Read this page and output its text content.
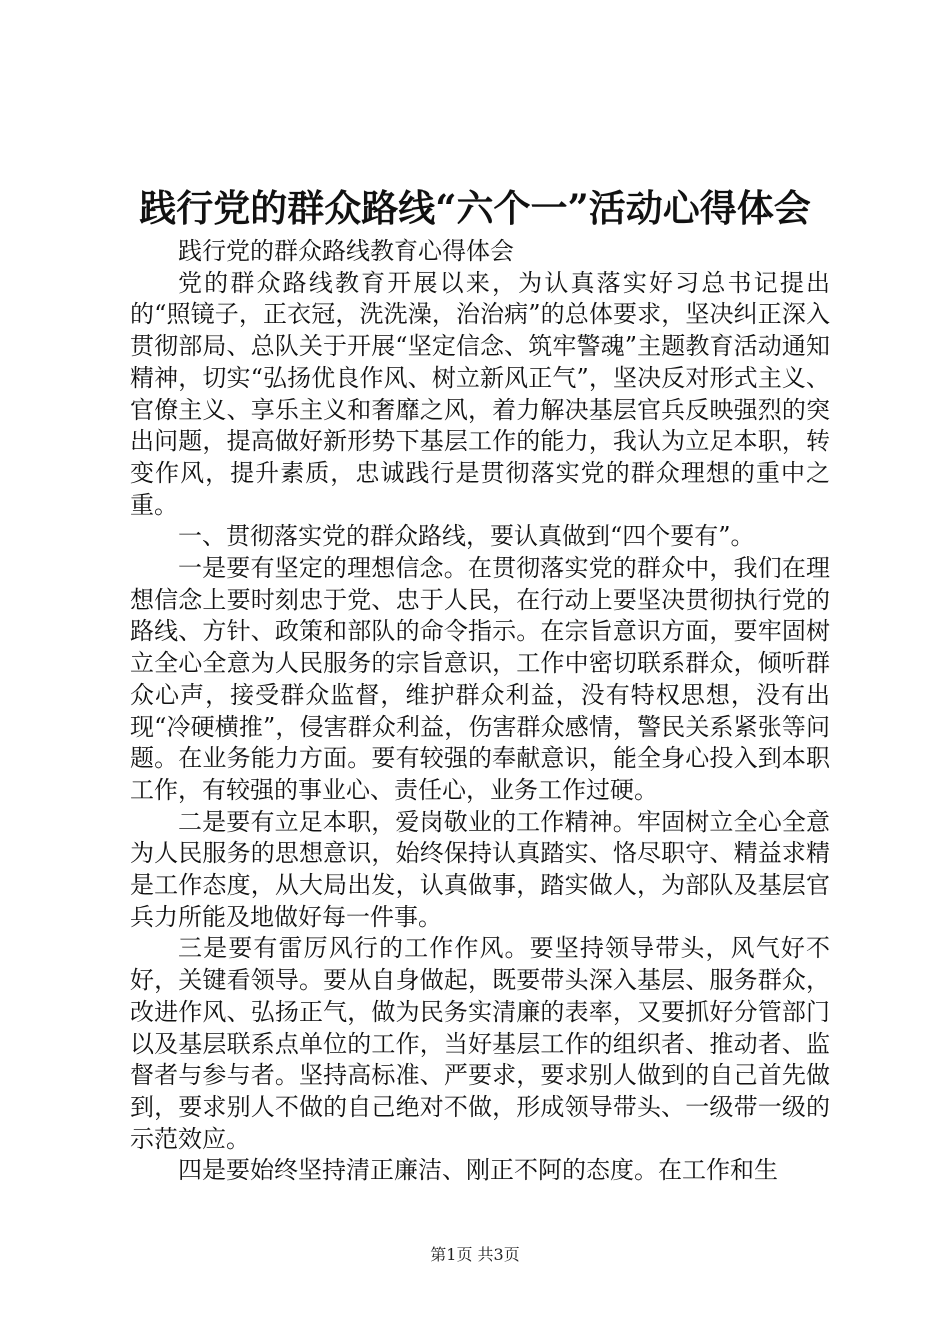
践行党的群众路线“六个一”活动心得体会

践行党的群众路线教育心得体会

党的群众路线教育开展以来，为认真落实好习总书记提出的“照镜子，正衣冠，洗洗澡，治治病”的总体要求，坚决纠正深入贯彻部局、总队关于开展“坚定信念、筑牢警魂”主题教育活动通知精神，切实“弘扬优良作风、树立新风正气”，坚决反对形式主义、官僚主义、享乐主义和奢靡之风，着力解决基层官兵反映强烈的突出问题，提高做好新形势下基层工作的能力，我认为立足本职，转变作风，提升素质，忠诚践行是贯彻落实党的群众理想的重中之重。

一、贯彻落实党的群众路线，要认真做到“四个要有”。

一是要有坚定的理想信念。在贯彻落实党的群众中，我们在理想信念上要时刻忠于党、忠于人民，在行动上要坚决贯彻执行党的路线、方针、政策和部队的命令指示。在宗旨意识方面，要牢固树立全心全意为人民服务的宗旨意识，工作中密切联系群众，倾听群众心声，接受群众监督，维护群众利益，没有特权思想，没有出现“冷硬横推”，侵害群众利益，伤害群众感情，警民关系紧张等问题。在业务能力方面。要有较强的奉献意识，能全身心投入到本职工作，有较强的事业心、责任心，业务工作过硬。

二是要有立足本职，爱岗敬业的工作精神。牢固树立全心全意为人民服务的思想意识，始终保持认真踏实、恪尽职守、精益求精是工作态度，从大局出发，认真做事，踏实做人，为部队及基层官兵力所能及地做好每一件事。

三是要有雷厉风行的工作作风。要坚持领导带头，风气好不好，关键看领导。要从自身做起，既要带头深入基层、服务群众，改进作风、弘扬正气，做为民务实清廉的表率，又要抓好分管部门以及基层联系点单位的工作，当好基层工作的组织者、推动者、监督者与参与者。坚持高标准、严要求，要求别人做到的自己首先做到，要求别人不做的自己绝对不做，形成领导带头、一级带一级的示范效应。

四是要始终坚持清正廉洁、刚正不阿的态度。在工作和生

第1页 共3页
